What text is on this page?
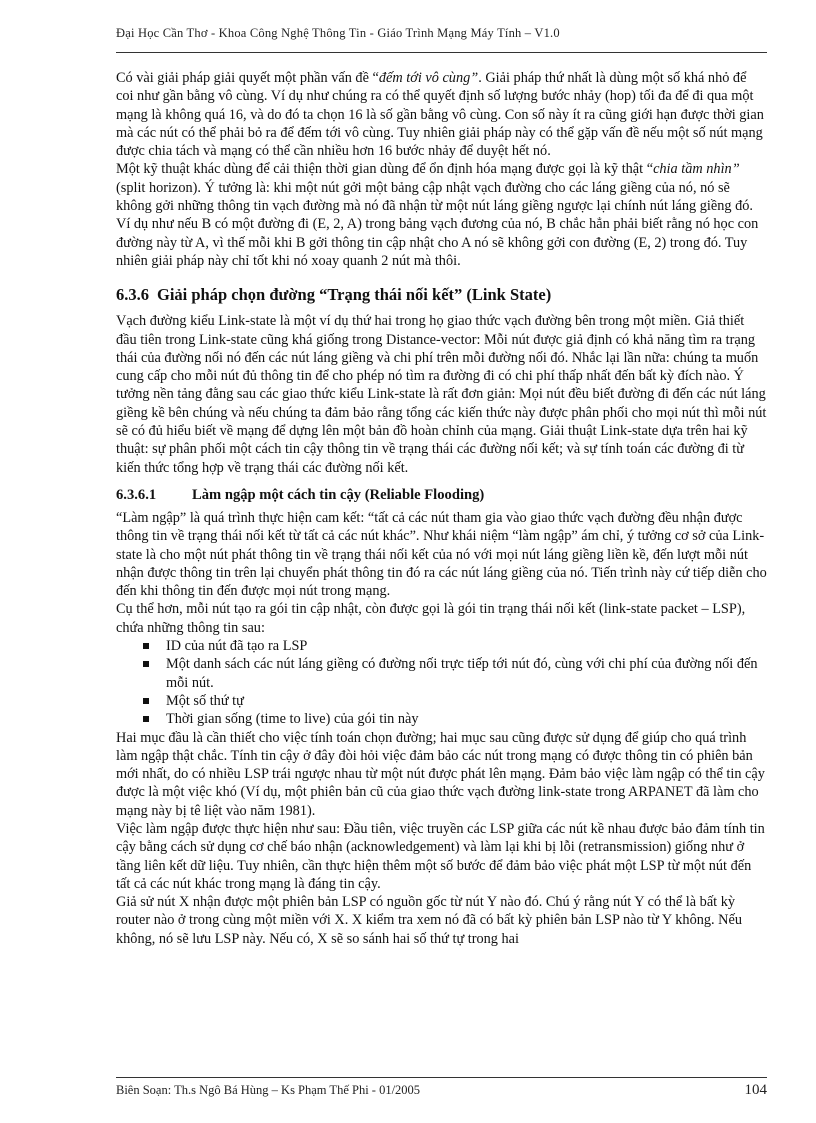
Đại Học Cần Thơ - Khoa Công Nghệ Thông Tin - Giáo Trình Mạng Máy Tính – V1.0

Có vài giải pháp giải quyết một phần vấn đề “đếm tới vô cùng”. Giải pháp thứ nhất là dùng một số khá nhỏ để coi như gần bằng vô cùng. Ví dụ như chúng ra có thể quyết định số lượng bước nhảy (hop) tối đa để đi qua một mạng là không quá 16, và do đó ta chọn 16 là số gần bằng vô cùng. Con số này ít ra cũng giới hạn được thời gian mà các nút có thể phải bỏ ra để đếm tới vô cùng. Tuy nhiên giải pháp này có thể gặp vấn đề nếu một số nút mạng được chia tách và mạng có thể cần nhiều hơn 16 bước nhảy để duyệt hết nó.

Một kỹ thuật khác dùng để cải thiện thời gian dùng để ổn định hóa mạng được gọi là kỹ thật “chia tầm nhìn” (split horizon). Ý tưởng là: khi một nút gởi một bảng cập nhật vạch đường cho các láng giềng của nó, nó sẽ không gởi những thông tin vạch đường mà nó đã nhận từ một nút láng giềng ngược lại chính nút láng giềng đó. Ví dụ như nếu B có một đường đi (E, 2, A) trong bảng vạch đương của nó, B chắc hẳn phải biết rằng nó học con đường này từ A, vì thế mỗi khi B gởi thông tin cập nhật cho A nó sẽ không gởi con đường (E, 2) trong đó. Tuy nhiên giải pháp này chỉ tốt khi nó xoay quanh 2 nút mà thôi.

6.3.6 Giải pháp chọn đường “Trạng thái nối kết” (Link State)

Vạch đường kiểu Link-state là một ví dụ thứ hai trong họ giao thức vạch đường bên trong một miền. Giả thiết đầu tiên trong Link-state cũng khá giống trong Distance-vector: Mỗi nút được giả định có khả năng tìm ra trạng thái của đường nối nó đến các nút láng giềng và chi phí trên mỗi đường nối đó. Nhắc lại lần nữa: chúng ta muốn cung cấp cho mỗi nút đủ thông tin để cho phép nó tìm ra đường đi có chi phí thấp nhất đến bất kỳ đích nào. Ý tưởng nền tảng đằng sau các giao thức kiểu Link-state là rất đơn giản: Mọi nút đều biết đường đi đến các nút láng giềng kề bên chúng và nếu chúng ta đảm bảo rằng tổng các kiến thức này được phân phối cho mọi nút thì mỗi nút sẽ có đủ hiểu biết về mạng để dựng lên một bản đồ hoàn chỉnh của mạng. Giải thuật Link-state dựa trên hai kỹ thuật: sự phân phối một cách tin cậy thông tin về trạng thái các đường nối kết; và sự tính toán các đường đi từ kiến thức tổng hợp về trạng thái các đường nối kết.

6.3.6.1 Làm ngập một cách tin cậy (Reliable Flooding)

“Làm ngập” là quá trình thực hiện cam kết: “tất cả các nút tham gia vào giao thức vạch đường đều nhận được thông tin về trạng thái nối kết từ tất cả các nút khác”. Như khái niệm “làm ngập” ám chỉ, ý tưởng cơ sở của Link-state là cho một nút phát thông tin về trạng thái nối kết của nó với mọi nút láng giềng liền kề, đến lượt mỗi nút nhận được thông tin trên lại chuyển phát thông tin đó ra các nút láng giềng của nó. Tiến trình này cứ tiếp diễn cho đến khi thông tin đến được mọi nút trong mạng.

Cụ thể hơn, mỗi nút tạo ra gói tin cập nhật, còn được gọi là gói tin trạng thái nối kết (link-state packet – LSP), chứa những thông tin sau:

ID của nút đã tạo ra LSP
Một danh sách các nút láng giềng có đường nối trực tiếp tới nút đó, cùng với chi phí của đường nối đến mỗi nút.
Một số thứ tự
Thời gian sống (time to live) của gói tin này

Hai mục đầu là cần thiết cho việc tính toán chọn đường; hai mục sau cũng được sử dụng để giúp cho quá trình làm ngập thật chắc. Tính tin cậy ở đây đòi hỏi việc đảm bảo các nút trong mạng có được thông tin có phiên bản mới nhất, do có nhiều LSP trái ngược nhau từ một nút được phát lên mạng. Đảm bảo việc làm ngập có thể tin cậy được là một việc khó (Ví dụ, một phiên bản cũ của giao thức vạch đường link-state trong ARPANET đã làm cho mạng này bị tê liệt vào năm 1981).

Việc làm ngập được thực hiện như sau: Đầu tiên, việc truyền các LSP giữa các nút kề nhau được bảo đảm tính tin cậy bằng cách sử dụng cơ chế báo nhận (acknowledgement) và làm lại khi bị lỗi (retransmission) giống như ở tầng liên kết dữ liệu. Tuy nhiên, cần thực hiện thêm một số bước để đảm bảo việc phát một LSP từ một nút đến tất cả các nút khác trong mạng là đáng tin cậy.

Giả sử nút X nhận được một phiên bản LSP có nguồn gốc từ nút Y nào đó. Chú ý rằng nút Y có thể là bất kỳ router nào ở trong cùng một miền với X. X kiểm tra xem nó đã có bất kỳ phiên bản LSP nào từ Y không. Nếu không, nó sẽ lưu LSP này. Nếu có, X sẽ so sánh hai số thứ tự trong hai

Biên Soạn: Th.s Ngô Bá Hùng – Ks Phạm Thế Phi - 01/2005	104
